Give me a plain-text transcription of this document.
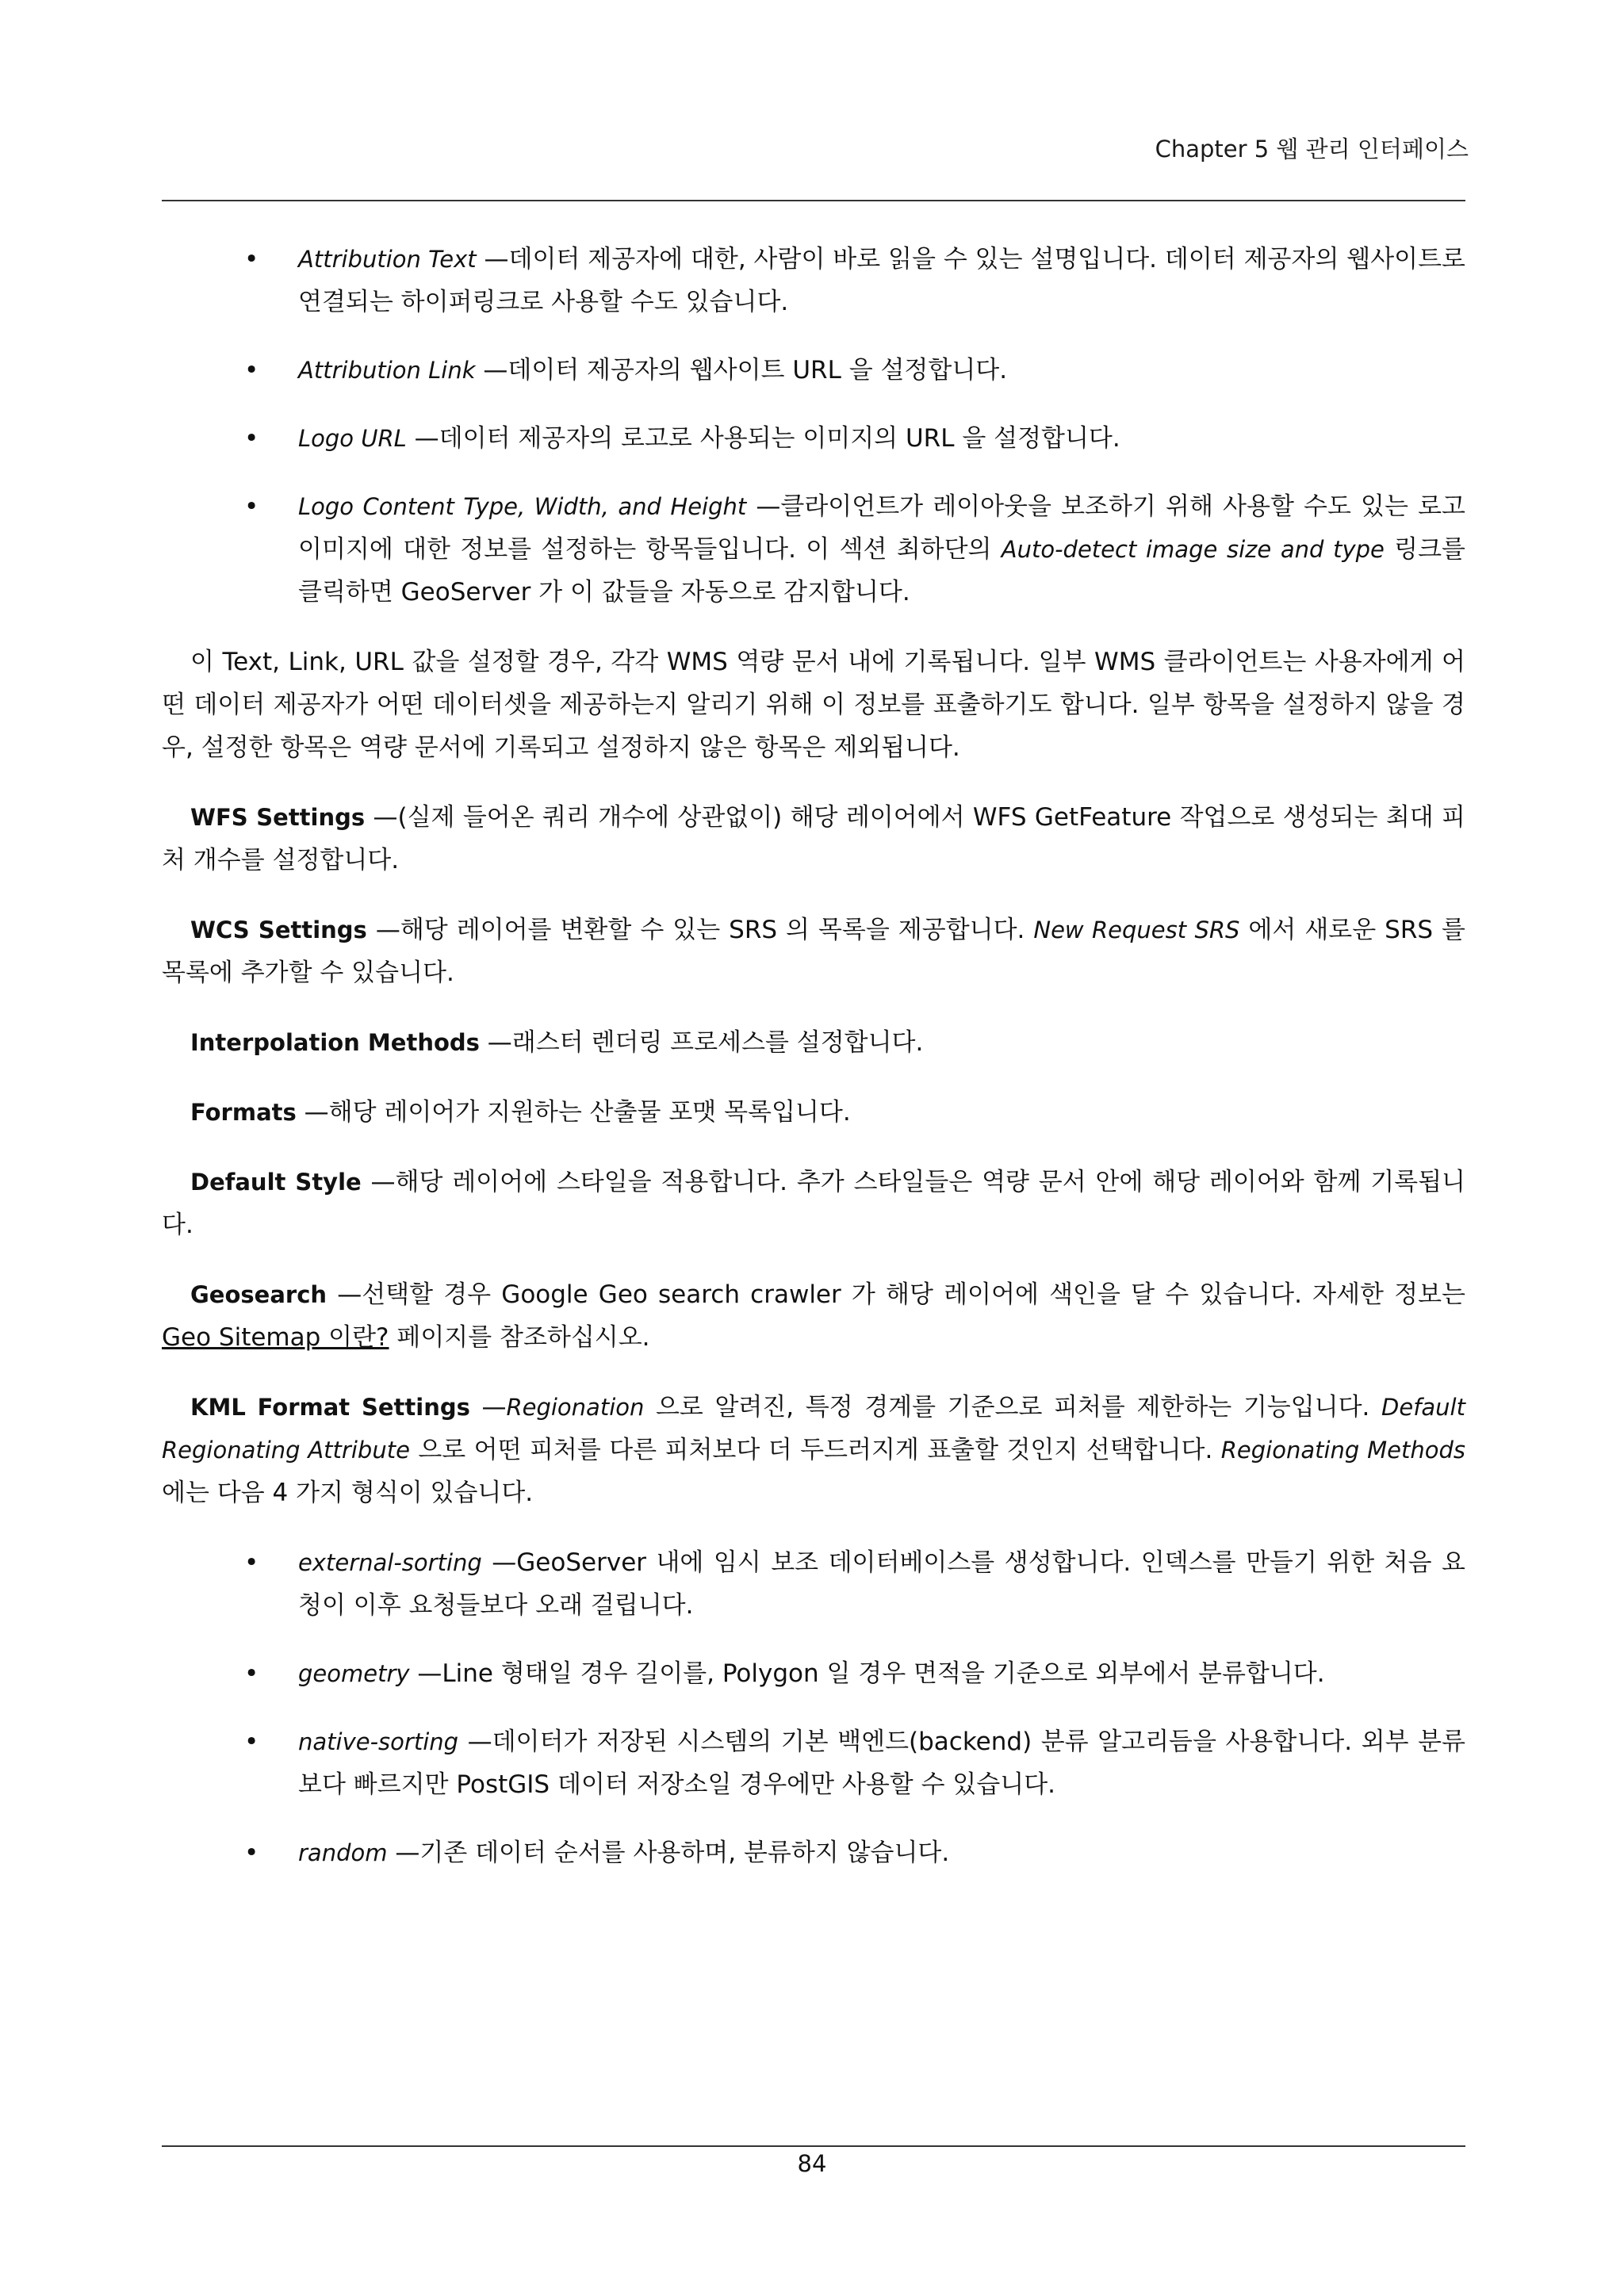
Chapter 5 웹 관리 인터페이스
• Attribution Text —데이터 제공자에 대한, 사람이 바로 읽을 수 있는 설명입니다. 데이터 제공자의 웹사이트로 연결되는 하이퍼링크로 사용할 수도 있습니다.
• Attribution Link —데이터 제공자의 웹사이트 URL 을 설정합니다.
• Logo URL —데이터 제공자의 로고로 사용되는 이미지의 URL 을 설정합니다.
• Logo Content Type, Width, and Height —클라이언트가 레이아웃을 보조하기 위해 사용할 수도 있는 로고 이미지에 대한 정보를 설정하는 항목들입니다. 이 섹션 최하단의 Auto-detect image size and type 링크를 클릭하면 GeoServer 가 이 값들을 자동으로 감지합니다.

이 Text, Link, URL 값을 설정할 경우, 각각 WMS 역량 문서 내에 기록됩니다. 일부 WMS 클라이언트는 사용자에게 어떤 데이터 제공자가 어떤 데이터셋을 제공하는지 알리기 위해 이 정보를 표출하기도 합니다. 일부 항목을 설정하지 않을 경우, 설정한 항목은 역량 문서에 기록되고 설정하지 않은 항목은 제외됩니다.

WFS Settings —(실제 들어온 쿼리 개수에 상관없이) 해당 레이어에서 WFS GetFeature 작업으로 생성되는 최대 피처 개수를 설정합니다.

WCS Settings —해당 레이어를 변환할 수 있는 SRS 의 목록을 제공합니다. New Request SRS 에서 새로운 SRS 를 목록에 추가할 수 있습니다.

Interpolation Methods —래스터 렌더링 프로세스를 설정합니다.

Formats —해당 레이어가 지원하는 산출물 포맷 목록입니다.

Default Style —해당 레이어에 스타일을 적용합니다. 추가 스타일들은 역량 문서 안에 해당 레이어와 함께 기록됩니다.

Geosearch —선택할 경우 Google Geo search crawler 가 해당 레이어에 색인을 달 수 있습니다. 자세한 정보는 Geo Sitemap 이란? 페이지를 참조하십시오.

KML Format Settings —Regionation 으로 알려진, 특정 경계를 기준으로 피처를 제한하는 기능입니다. Default Regionating Attribute 으로 어떤 피처를 다른 피처보다 더 두드러지게 표출할 것인지 선택합니다. Regionating Methods 에는 다음 4 가지 형식이 있습니다.

• external-sorting —GeoServer 내에 임시 보조 데이터베이스를 생성합니다. 인덱스를 만들기 위한 처음 요청이 이후 요청들보다 오래 걸립니다.
• geometry —Line 형태일 경우 길이를, Polygon 일 경우 면적을 기준으로 외부에서 분류합니다.
• native-sorting —데이터가 저장된 시스템의 기본 백엔드(backend) 분류 알고리듬을 사용합니다. 외부 분류보다 빠르지만 PostGIS 데이터 저장소일 경우에만 사용할 수 있습니다.
• random —기존 데이터 순서를 사용하며, 분류하지 않습니다.
84
